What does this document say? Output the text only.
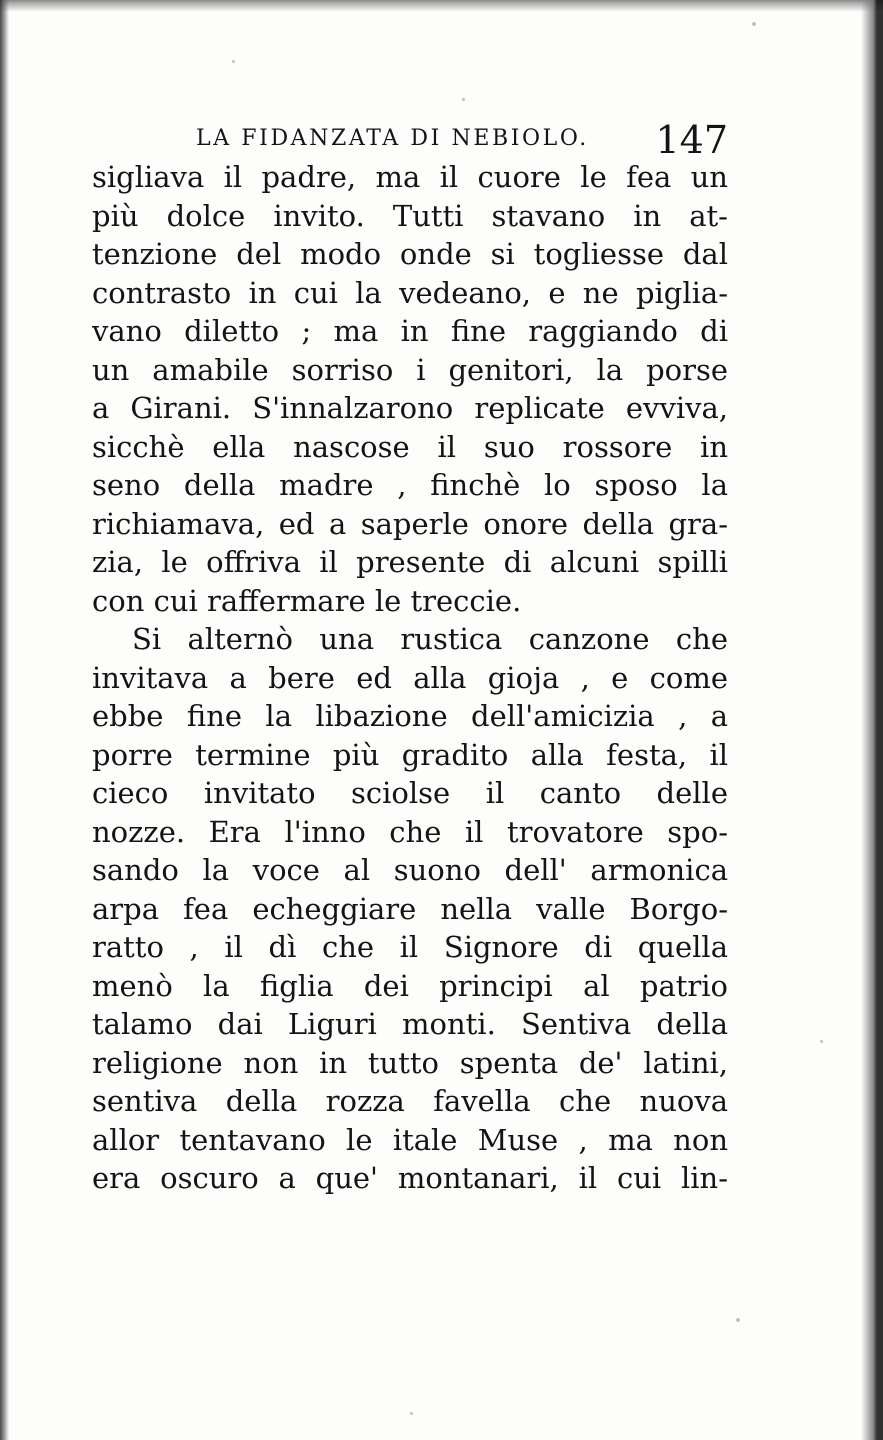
LA FIDANZATA DI NEBIOLO. 147
sigliava il padre, ma il cuore le fea un
più dolce invito. Tutti stavano in at-
tenzione del modo onde si togliesse dal
contrasto in cui la vedeano, e ne piglia-
vano diletto ; ma in fine raggiando di
un amabile sorriso i genitori, la porse
a Girani. S'innalzarono replicate evviva,
sicchè ella nascose il suo rossore in
seno della madre , finchè lo sposo la
richiamava, ed a saperle onore della gra-
zia, le offriva il presente di alcuni spilli
con cui raffermare le treccie.
Si alternò una rustica canzone che
invitava a bere ed alla gioja , e come
ebbe fine la libazione dell'amicizia , a
porre termine più gradito alla festa, il
cieco invitato sciolse il canto delle
nozze. Era l'inno che il trovatore spo-
sando la voce al suono dell' armonica
arpa fea echeggiare nella valle Borgo-
ratto , il dì che il Signore di quella
menò la figlia dei principi al patrio
talamo dai Liguri monti. Sentiva della
religione non in tutto spenta de' latini,
sentiva della rozza favella che nuova
allor tentavano le itale Muse , ma non
era oscuro a que' montanari, il cui lin-
